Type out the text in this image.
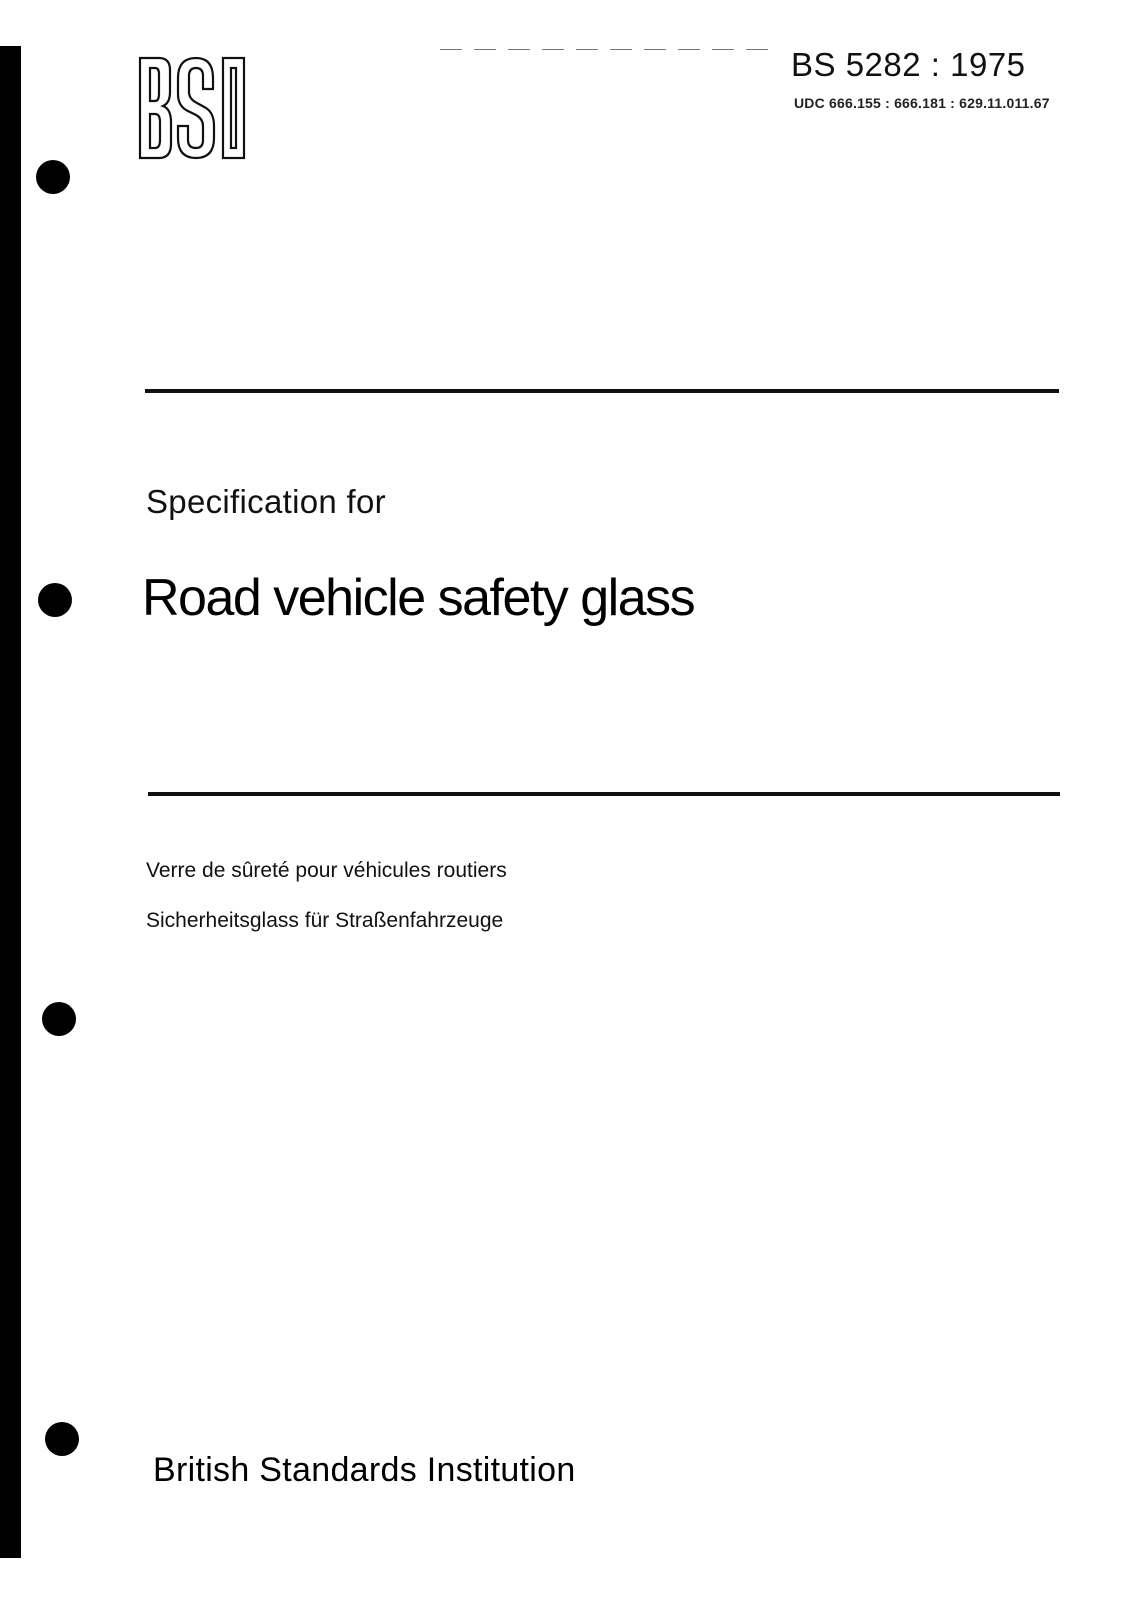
BS 5282 : 1975
UDC 666.155 : 666.181 : 629.11.011.67
Specification for
Road vehicle safety glass
Verre de sûreté pour véhicules routiers
Sicherheitsglass für Straßenfahrzeuge
British Standards Institution
